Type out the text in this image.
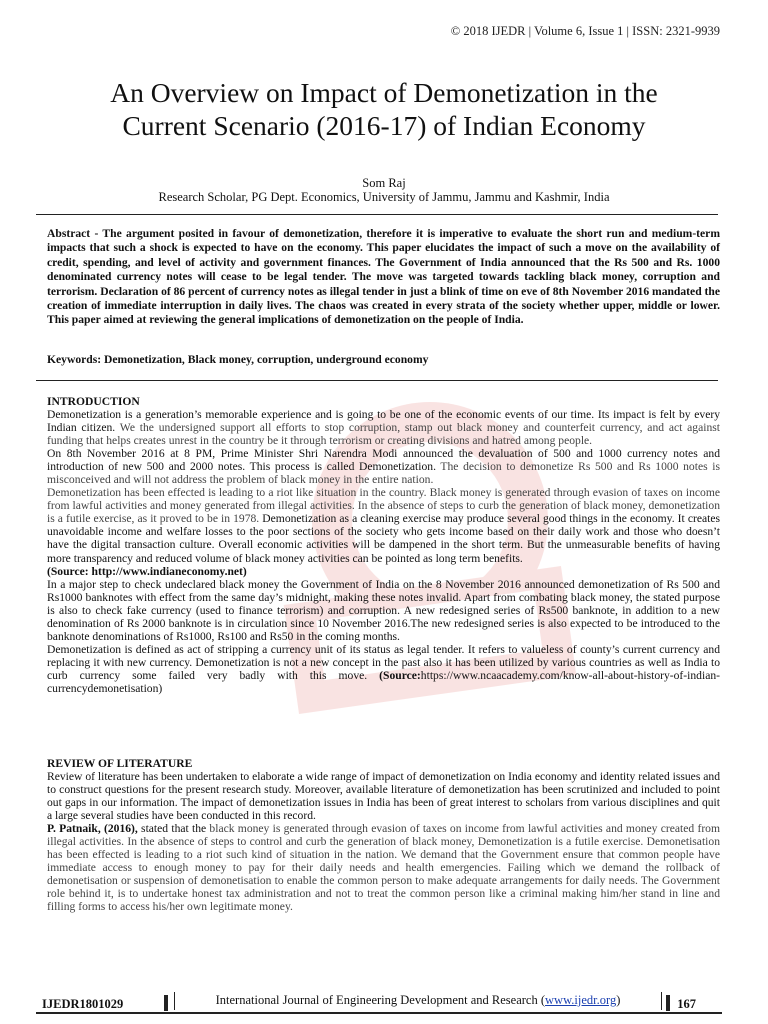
© 2018 IJEDR | Volume 6, Issue 1 | ISSN: 2321-9939
An Overview on Impact of Demonetization in the
Current Scenario (2016-17) of Indian Economy
Som Raj
Research Scholar, PG Dept. Economics, University of Jammu, Jammu and Kashmir, India
Abstract - The argument posited in favour of demonetization, therefore it is imperative to evaluate the short run and medium-term impacts that such a shock is expected to have on the economy. This paper elucidates the impact of such a move on the availability of credit, spending, and level of activity and government finances. The Government of India announced that the Rs 500 and Rs. 1000 denominated currency notes will cease to be legal tender. The move was targeted towards tackling black money, corruption and terrorism. Declaration of 86 percent of currency notes as illegal tender in just a blink of time on eve of 8th November 2016 mandated the creation of immediate interruption in daily lives. The chaos was created in every strata of the society whether upper, middle or lower. This paper aimed at reviewing the general implications of demonetization on the people of India.
Keywords: Demonetization, Black money, corruption, underground economy
INTRODUCTION

Demonetization is a generation’s memorable experience and is going to be one of the economic events of our time. Its impact is felt by every Indian citizen. We the undersigned support all efforts to stop corruption, stamp out black money and counterfeit currency, and act against funding that helps creates unrest in the country be it through terrorism or creating divisions and hatred among people.

On 8th November 2016 at 8 PM, Prime Minister Shri Narendra Modi announced the devaluation of 500 and 1000 currency notes and introduction of new 500 and 2000 notes. This process is called Demonetization. The decision to demonetize Rs 500 and Rs 1000 notes is misconceived and will not address the problem of black money in the entire nation.

Demonetization has been effected is leading to a riot like situation in the country. Black money is generated through evasion of taxes on income from lawful activities and money generated from illegal activities. In the absence of steps to curb the generation of black money, demonetization is a futile exercise, as it proved to be in 1978. Demonetization as a cleaning exercise may produce several good things in the economy. It creates unavoidable income and welfare losses to the poor sections of the society who gets income based on their daily work and those who doesn’t have the digital transaction culture. Overall economic activities will be dampened in the short term. But the unmeasurable benefits of having more transparency and reduced volume of black money activities can be pointed as long term benefits.

(Source: http://www.indianeconomy.net)

In a major step to check undeclared black money the Government of India on the 8 November 2016 announced demonetization of Rs 500 and Rs1000 banknotes with effect from the same day’s midnight, making these notes invalid. Apart from combating black money, the stated purpose is also to check fake currency (used to finance terrorism) and corruption. A new redesigned series of Rs500 banknote, in addition to a new denomination of Rs 2000 banknote is in circulation since 10 November 2016.The new redesigned series is also expected to be introduced to the banknote denominations of Rs1000, Rs100 and Rs50 in the coming months.

Demonetization is defined as act of stripping a currency unit of its status as legal tender. It refers to valueless of county’s current currency and replacing it with new currency. Demonetization is not a new concept in the past also it has been utilized by various countries as well as India to curb currency some failed very badly with this move. (Source:https://www.ncaacademy.com/know-all-about-history-of-indian-currencydemonetisation)

REVIEW OF LITERATURE

Review of literature has been undertaken to elaborate a wide range of impact of demonetization on India economy and identity related issues and to construct questions for the present research study. Moreover, available literature of demonetization has been scrutinized and included to point out gaps in our information. The impact of demonetization issues in India has been of great interest to scholars from various disciplines and quit a large several studies have been conducted in this record.

P. Patnaik, (2016), stated that the black money is generated through evasion of taxes on income from lawful activities and money created from illegal activities. In the absence of steps to control and curb the generation of black money, Demonetization is a futile exercise. Demonetisation has been effected is leading to a riot such kind of situation in the nation. We demand that the Government ensure that common people have immediate access to enough money to pay for their daily needs and health emergencies. Failing which we demand the rollback of demonetisation or suspension of demonetisation to enable the common person to make adequate arrangements for daily needs. The Government role behind it, is to undertake honest tax administration and not to treat the common person like a criminal making him/her stand in line and filling forms to access his/her own legitimate money.

IJEDR1801029	International Journal of Engineering Development and Research (www.ijedr.org)	167
